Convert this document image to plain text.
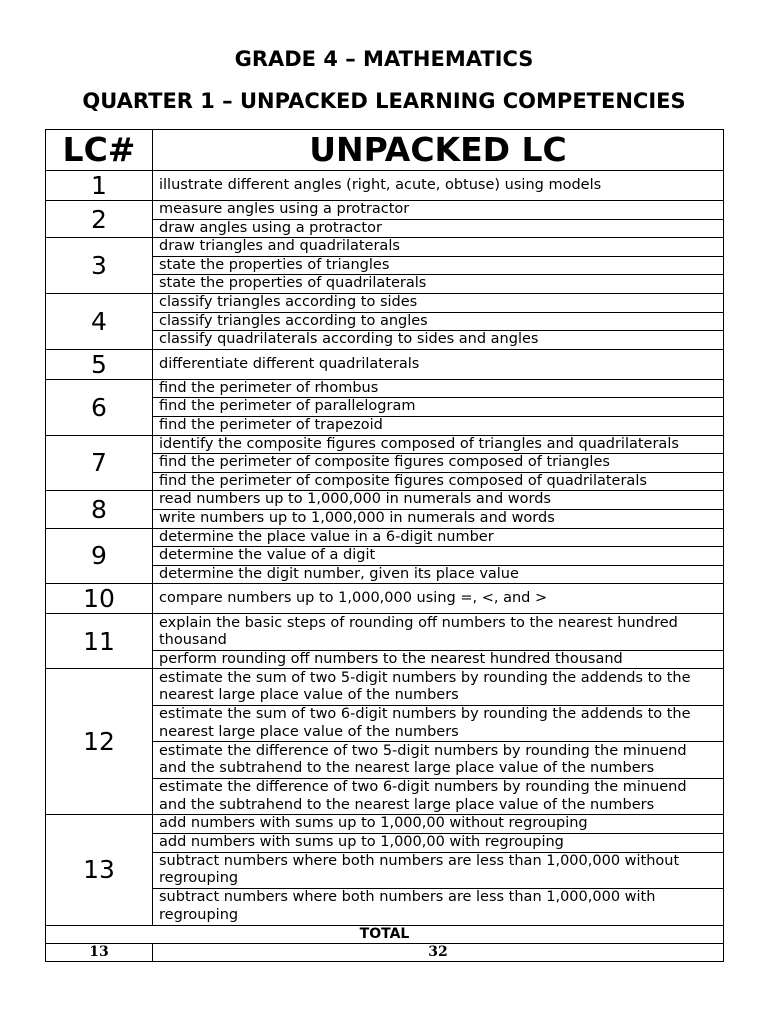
GRADE 4 – MATHEMATICS
QUARTER 1 – UNPACKED LEARNING COMPETENCIES
LC#	UNPACKED LC
1	illustrate different angles (right, acute, obtuse) using models
2	measure angles using a protractor
	draw angles using a protractor
3	draw triangles and quadrilaterals
	state the properties of triangles
	state the properties of quadrilaterals
4	classify triangles according to sides
	classify triangles according to angles
	classify quadrilaterals according to sides and angles
5	differentiate different quadrilaterals
6	find the perimeter of rhombus
	find the perimeter of parallelogram
	find the perimeter of trapezoid
7	identify the composite figures composed of triangles and quadrilaterals
	find the perimeter of composite figures composed of triangles
	find the perimeter of composite figures composed of quadrilaterals
8	read numbers up to 1,000,000 in numerals and words
	write numbers up to 1,000,000 in numerals and words
9	determine the place value in a 6-digit number
	determine the value of a digit
	determine the digit number, given its place value
10	compare numbers up to 1,000,000 using =, <, and >
11	explain the basic steps of rounding off numbers to the nearest hundred thousand
	perform rounding off numbers to the nearest hundred thousand
12	estimate the sum of two 5-digit numbers by rounding the addends to the nearest large place value of the numbers
	estimate the sum of two 6-digit numbers by rounding the addends to the nearest large place value of the numbers
	estimate the difference of two 5-digit numbers by rounding the minuend and the subtrahend to the nearest large place value of the numbers
	estimate the difference of two 6-digit numbers by rounding the minuend and the subtrahend to the nearest large place value of the numbers
13	add numbers with sums up to 1,000,00 without regrouping
	add numbers with sums up to 1,000,00 with regrouping
	subtract numbers where both numbers are less than 1,000,000 without regrouping
	subtract numbers where both numbers are less than 1,000,000 with regrouping
TOTAL	
13	32
